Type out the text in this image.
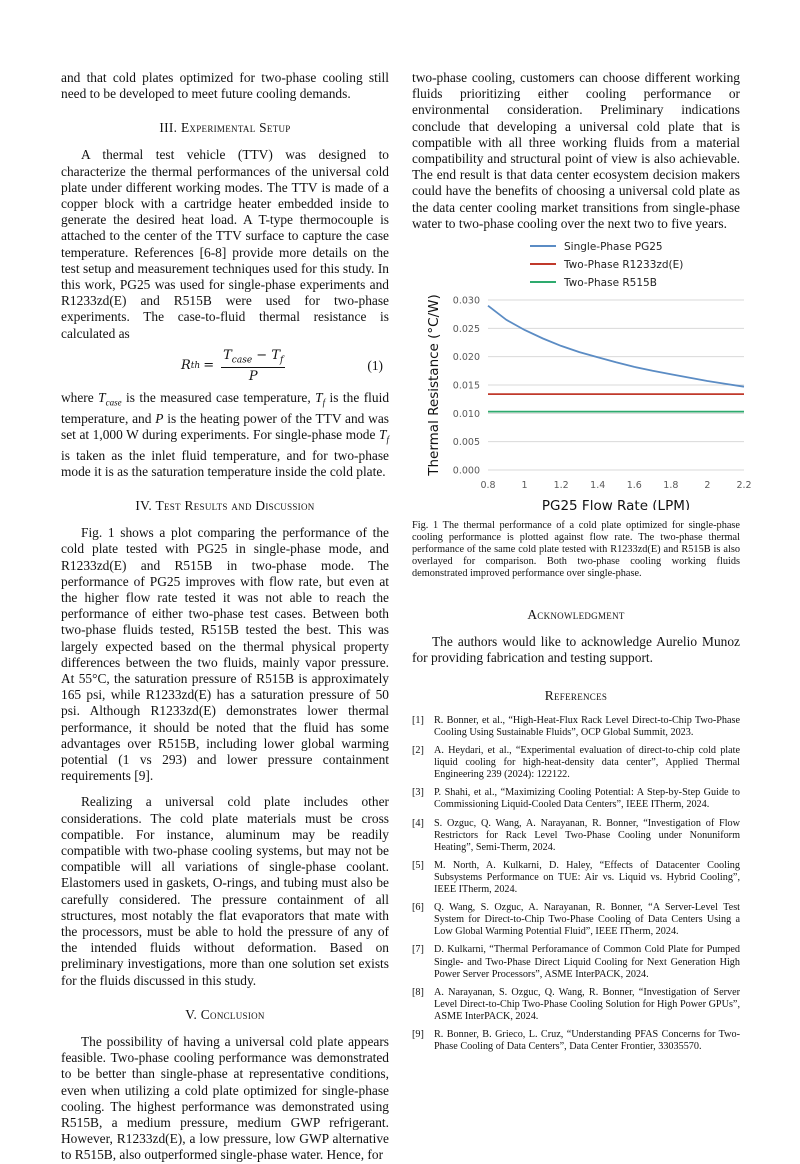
and that cold plates optimized for two-phase cooling still need to be developed to meet future cooling demands.

III. Experimental Setup

A thermal test vehicle (TTV) was designed to characterize the thermal performances of the universal cold plate under different working modes. The TTV is made of a copper block with a cartridge heater embedded inside to generate the desired heat load. A T-type thermocouple is attached to the center of the TTV surface to capture the case temperature. References [6-8] provide more details on the test setup and measurement techniques used for this study. In this work, PG25 was used for single-phase experiments and R1233zd(E) and R515B were used for two-phase experiments. The case-to-fluid thermal resistance is calculated as

R th = $\frac{T_{case} - T_f}{P}$	(1)

where $T_{case}$ is the measured case temperature, $T_f$ is the fluid temperature, and P is the heating power of the TTV and was set at 1,000 W during experiments. For single-phase mode $T_f$ is taken as the inlet fluid temperature, and for two-phase mode it is as the saturation temperature inside the cold plate.

IV. Test Results and Discussion

Fig. 1 shows a plot comparing the performance of the cold plate tested with PG25 in single-phase mode, and R1233zd(E) and R515B in two-phase mode. The performance of PG25 improves with flow rate, but even at the higher flow rate tested it was not able to reach the performance of either two-phase test cases. Between both two-phase fluids tested, R515B tested the best. This was largely expected based on the thermal physical property differences between the two fluids, mainly vapor pressure. At 55°C, the saturation pressure of R515B is approximately 165 psi, while R1233zd(E) has a saturation pressure of 50 psi. Although R1233zd(E) demonstrates lower thermal performance, it should be noted that the fluid has some advantages over R515B, including lower global warming potential (1 vs 293) and lower pressure containment requirements [9].

Realizing a universal cold plate includes other considerations. The cold plate materials must be cross compatible. For instance, aluminum may be readily compatible with two-phase cooling systems, but may not be compatible will all variations of single-phase coolant. Elastomers used in gaskets, O-rings, and tubing must also be carefully considered. The pressure containment of all structures, most notably the flat evaporators that mate with the processors, must be able to hold the pressure of any of the intended fluids without deformation. Based on preliminary investigations, more than one solution set exists for the fluids discussed in this study.

V. Conclusion

The possibility of having a universal cold plate appears feasible. Two-phase cooling performance was demonstrated to be better than single-phase at representative conditions, even when utilizing a cold plate optimized for single-phase cooling. The highest performance was demonstrated using R515B, a medium pressure, medium GWP refrigerant. However, R1233zd(E), a low pressure, low GWP alternative to R515B, also outperformed single-phase water. Hence, for

two-phase cooling, customers can choose different working fluids prioritizing either cooling performance or environmental consideration. Preliminary indications conclude that developing a universal cold plate that is compatible with all three working fluids from a material compatibility and structural point of view is also achievable. The end result is that data center ecosystem decision makers could have the benefits of choosing a universal cold plate as the data center cooling market transitions from single-phase water to two-phase cooling over the next two to five years.

Single-Phase PG25
Two-Phase R1233zd(E)
Two-Phase R515B
0.000
0.005
0.010
0.015
0.020
0.025
0.030
0.8	1	1.2 1.4 1.6 1.8	2	2.2
PG25 Flow Rate (LPM)
Thermal Resistance (°C/W)

Fig. 1 The thermal performance of a cold plate optimized for single-phase cooling performance is plotted against flow rate. The two-phase thermal performance of the same cold plate tested with R1233zd(E) and R515B is also overlayed for comparison. Both two-phase cooling working fluids demonstrated improved performance over single-phase.

Acknowledgment

The authors would like to acknowledge Aurelio Munoz for providing fabrication and testing support.

References
[1] R. Bonner, et al., “High-Heat-Flux Rack Level Direct-to-Chip Two-Phase Cooling Using Sustainable Fluids”, OCP Global Summit, 2023.
[2] A. Heydari, et al., “Experimental evaluation of direct-to-chip cold plate liquid cooling for high-heat-density data center”, Applied Thermal Engineering 239 (2024): 122122.
[3] P. Shahi, et al., “Maximizing Cooling Potential: A Step-by-Step Guide to Commissioning Liquid-Cooled Data Centers”, IEEE ITherm, 2024.
[4] S. Ozguc, Q. Wang, A. Narayanan, R. Bonner, “Investigation of Flow Restrictors for Rack Level Two-Phase Cooling under Nonuniform Heating”, Semi-Therm, 2024.
[5] M. North, A. Kulkarni, D. Haley, “Effects of Datacenter Cooling Subsystems Performance on TUE: Air vs. Liquid vs. Hybrid Cooling”, IEEE ITherm, 2024.
[6] Q. Wang, S. Ozguc, A. Narayanan, R. Bonner, “A Server-Level Test System for Direct-to-Chip Two-Phase Cooling of Data Centers Using a Low Global Warming Potential Fluid”, IEEE ITherm, 2024.
[7] D. Kulkarni, “Thermal Perforamance of Common Cold Plate for Pumped Single- and Two-Phase Direct Liquid Cooling for Next Generation High Power Server Processors”, ASME InterPACK, 2024.
[8] A. Narayanan, S. Ozguc, Q. Wang, R. Bonner, “Investigation of Server Level Direct-to-Chip Two-Phase Cooling Solution for High Power GPUs”, ASME InterPACK, 2024.
[9] R. Bonner, B. Grieco, L. Cruz, “Understanding PFAS Concerns for Two-Phase Cooling of Data Centers”, Data Center Frontier, 33035570.
